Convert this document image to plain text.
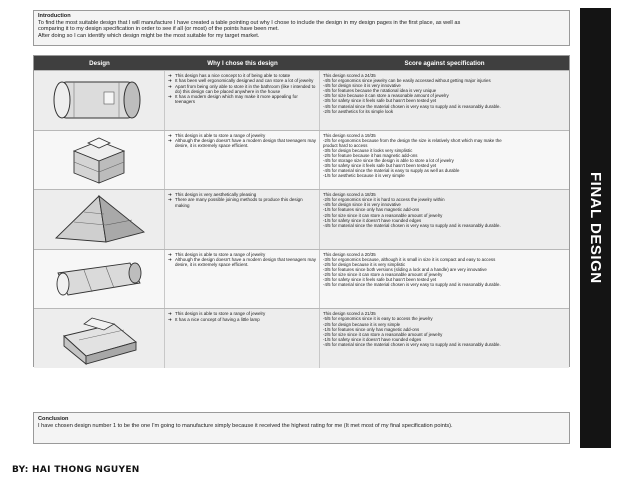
Introduction
To find the most suitable design that I will manufacture I have created a table pointing out why I chose to include the design in my design pages in the first place, as well as
comparing it to my design specification in order to see if all (or most) of the points have been met.
After doing so I can identify which design might be the most suitable for my target market.
Design	Why I chose this design	Score against specification
➔ This design has a nice concept to it of being able to rotate
➔ It has been well ergonomically designed and can store a lot of jewelry
➔ Apart from being only able to store it in the bathroom (like I intended to do) this design can be placed anywhere in the house
➔ It has a modern design which may make it more appealing for teenagers
This design scored a 24/35
-4/5 for ergonomics since jewelry can be easily accessed without getting major injuries
-4/5 for design since it is very innovative
-4/5 for features because the rotational idea is very unique
-3/5 for size because it can store a reasonable amount of jewelry
-3/5 for safety since it feels safe but hasn't been tested yet
-4/5 for material since the material chosen is very easy to supply and is reasonably durable.
-2/5 for aesthetics for its simple look
➔ This design is able to store a range of jewelry
➔ Although the design doesn't have a modern design that teenagers may desire, it is extremely space efficient.
This design scored a 19/35
-2/5 for ergonomics because from the design the size is relatively short which may make the
product hard to access
-3/5 for design because it looks very simplistic
-2/5 for feature because it has magnetic add-ons
-4/5 for storage size since the design is able to store a lot of jewelry
-3/5 for safety since it feels safe but hasn't been tested yet
-4/5 for material since the material is easy to supply as well as durable
-1/5 for aesthetic because it is very simple
➔ This design is very aesthetically pleasing
➔ There are many possible joining methods to produce this design making
This design scored a 18/35
-2/5 for ergonomics since it is hard to access the jewelry within
-4/5 for design since it is very innovative
-1/5 for features since only has magnetic add-ons
-2/5 for size since it can store a reasonable amount of jewelry
-1/5 for safety since it doesn't have rounded edges
-4/5 for material since the material chosen is very easy to supply and is reasonably durable.
➔ This design is able to store a range of jewelry
➔ Although the design doesn't have a modern design that teenagers may desire, it is extremely space efficient.
This design scored a 20/35
-3/5 for ergonomics because, although it is small in size it is compact and easy to access
-2/5 for design because it is very simplistic
-3/5 for features since both versions (sliding a lock and a handle) are very innovative
-2/5 for size since it can store a reasonable amount of jewelry
-3/5 for safety since it feels safe but hasn't been tested yet
-4/5 for material since the material chosen is very easy to supply and is reasonably durable.
➔ This design is able to store a range of jewelry
➔ It has a nice concept of having a little lamp
This design scored a 21/35
-5/5 for ergonomics since it is easy to access the jewelry
-2/5 for design because it is very simple
-1/5 for features since only has magnetic add-ons
-2/5 for size since it can store a reasonable amount of jewelry
-1/5 for safety since it doesn't have rounded edges
-4/5 for material since the material chosen is very easy to supply and is reasonably durable.
Conclusion
I have chosen design number 1 to be the one I'm going to manufacture simply because it received the highest rating for me (It met most of my final specification points).
FINAL DESIGN
BY: HAI THONG NGUYEN
